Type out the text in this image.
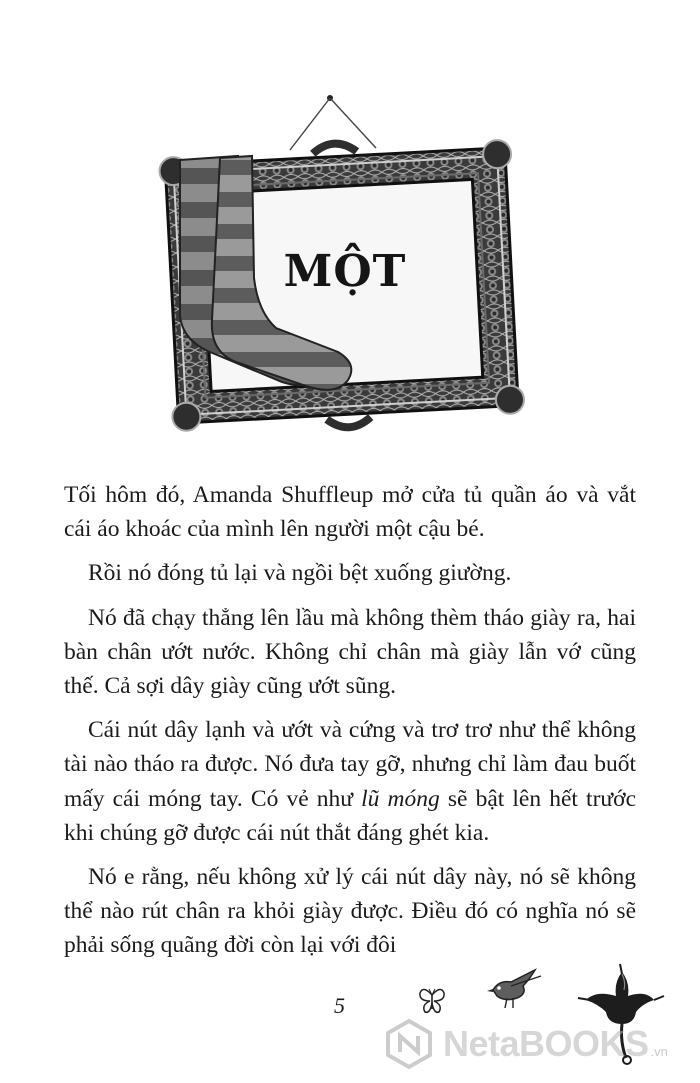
MỘT

Tối hôm đó, Amanda Shuffleup mở cửa tủ quần áo và vắt cái áo khoác của mình lên người một cậu bé.

Rồi nó đóng tủ lại và ngồi bệt xuống giường.

Nó đã chạy thẳng lên lầu mà không thèm tháo giày ra, hai bàn chân ướt nước. Không chỉ chân mà giày lẫn vớ cũng thế. Cả sợi dây giày cũng ướt sũng.

Cái nút dây lạnh và ướt và cứng và trơ trơ như thể không tài nào tháo ra được. Nó đưa tay gỡ, nhưng chỉ làm đau buốt mấy cái móng tay. Có vẻ như lũ móng sẽ bật lên hết trước khi chúng gỡ được cái nút thắt đáng ghét kia.

Nó e rằng, nếu không xử lý cái nút dây này, nó sẽ không thể nào rút chân ra khỏi giày được. Điều đó có nghĩa nó sẽ phải sống quãng đời còn lại với đôi

5
NetaBOOKS .vn
